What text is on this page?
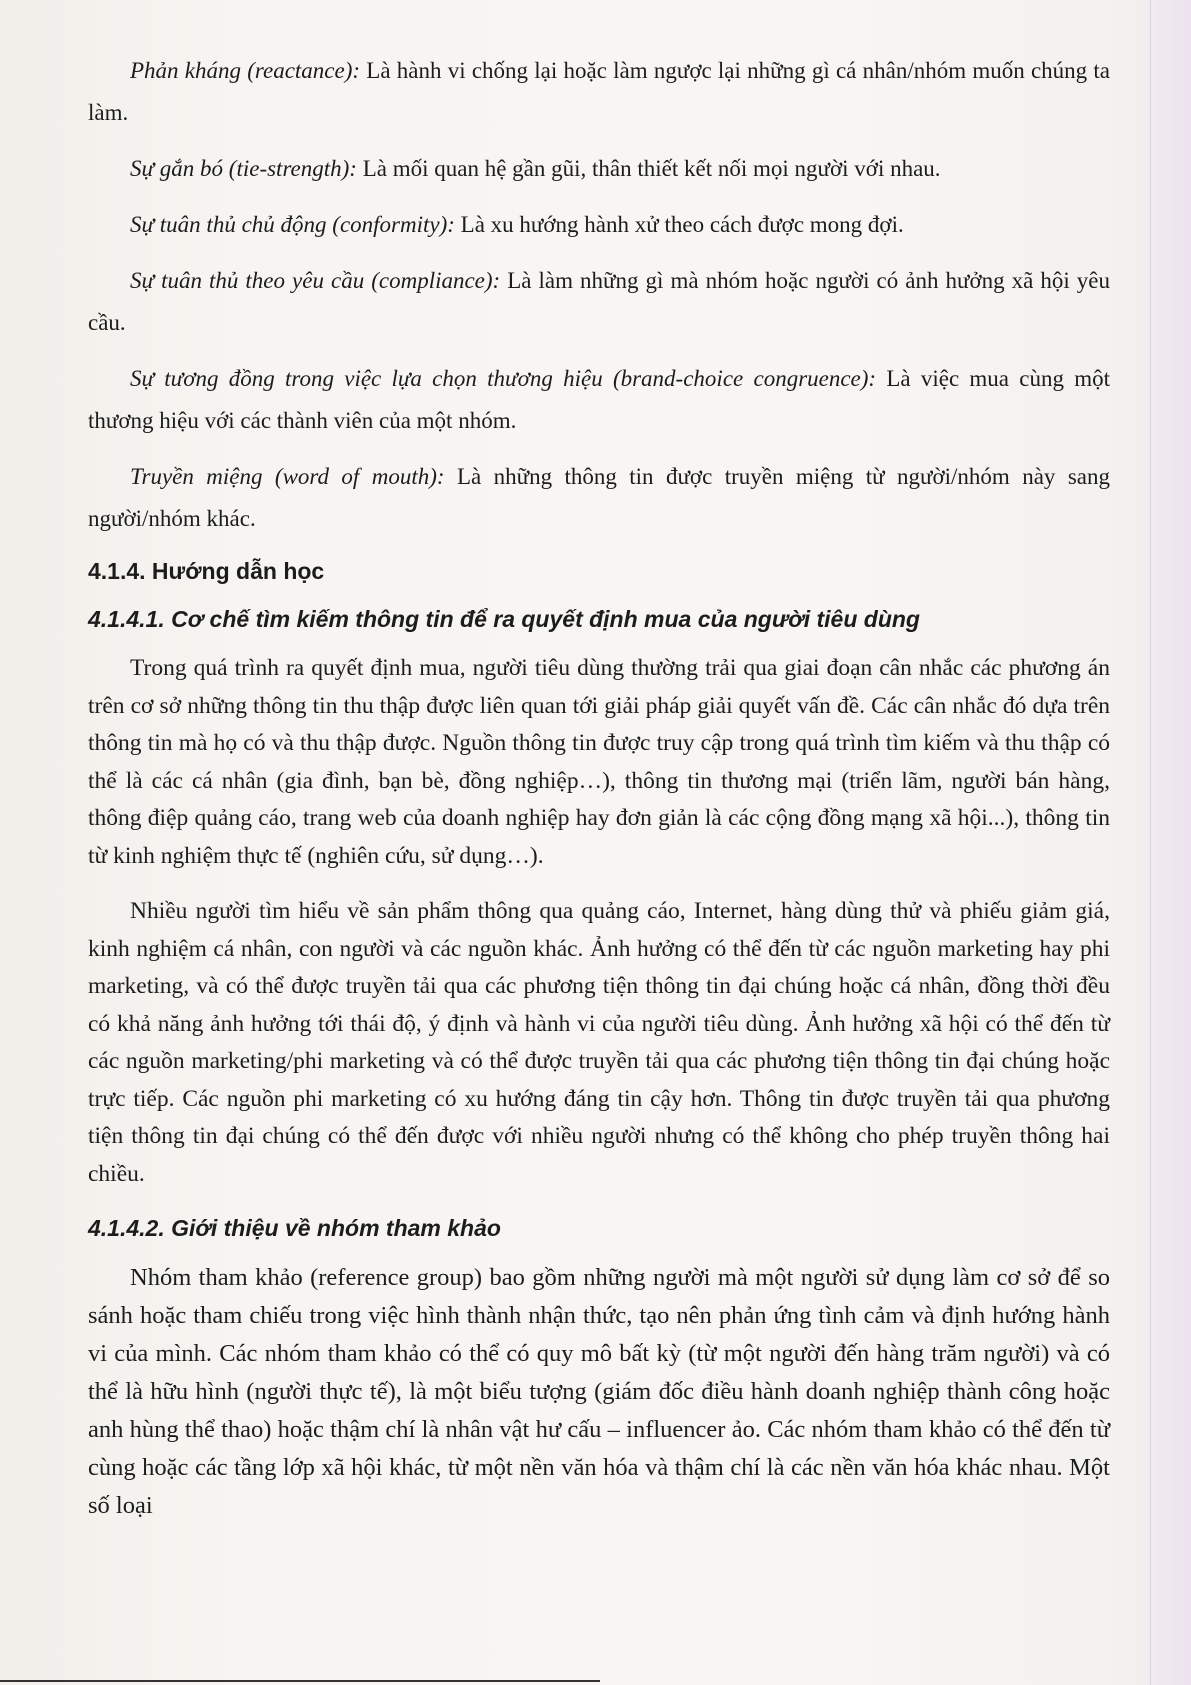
Phản kháng (reactance): Là hành vi chống lại hoặc làm ngược lại những gì cá nhân/nhóm muốn chúng ta làm.

Sự gắn bó (tie-strength): Là mối quan hệ gần gũi, thân thiết kết nối mọi người với nhau.

Sự tuân thủ chủ động (conformity): Là xu hướng hành xử theo cách được mong đợi.

Sự tuân thủ theo yêu cầu (compliance): Là làm những gì mà nhóm hoặc người có ảnh hưởng xã hội yêu cầu.

Sự tương đồng trong việc lựa chọn thương hiệu (brand-choice congruence): Là việc mua cùng một thương hiệu với các thành viên của một nhóm.

Truyền miệng (word of mouth): Là những thông tin được truyền miệng từ người/nhóm này sang người/nhóm khác.

4.1.4. Hướng dẫn học
4.1.4.1. Cơ chế tìm kiếm thông tin để ra quyết định mua của người tiêu dùng

Trong quá trình ra quyết định mua, người tiêu dùng thường trải qua giai đoạn cân nhắc các phương án trên cơ sở những thông tin thu thập được liên quan tới giải pháp giải quyết vấn đề. Các cân nhắc đó dựa trên thông tin mà họ có và thu thập được. Nguồn thông tin được truy cập trong quá trình tìm kiếm và thu thập có thể là các cá nhân (gia đình, bạn bè, đồng nghiệp…), thông tin thương mại (triển lãm, người bán hàng, thông điệp quảng cáo, trang web của doanh nghiệp hay đơn giản là các cộng đồng mạng xã hội...), thông tin từ kinh nghiệm thực tế (nghiên cứu, sử dụng…).

Nhiều người tìm hiểu về sản phẩm thông qua quảng cáo, Internet, hàng dùng thử và phiếu giảm giá, kinh nghiệm cá nhân, con người và các nguồn khác. Ảnh hưởng có thể đến từ các nguồn marketing hay phi marketing, và có thể được truyền tải qua các phương tiện thông tin đại chúng hoặc cá nhân, đồng thời đều có khả năng ảnh hưởng tới thái độ, ý định và hành vi của người tiêu dùng. Ảnh hưởng xã hội có thể đến từ các nguồn marketing/phi marketing và có thể được truyền tải qua các phương tiện thông tin đại chúng hoặc trực tiếp. Các nguồn phi marketing có xu hướng đáng tin cậy hơn. Thông tin được truyền tải qua phương tiện thông tin đại chúng có thể đến được với nhiều người nhưng có thể không cho phép truyền thông hai chiều.

4.1.4.2. Giới thiệu về nhóm tham khảo

Nhóm tham khảo (reference group) bao gồm những người mà một người sử dụng làm cơ sở để so sánh hoặc tham chiếu trong việc hình thành nhận thức, tạo nên phản ứng tình cảm và định hướng hành vi của mình. Các nhóm tham khảo có thể có quy mô bất kỳ (từ một người đến hàng trăm người) và có thể là hữu hình (người thực tế), là một biểu tượng (giám đốc điều hành doanh nghiệp thành công hoặc anh hùng thể thao) hoặc thậm chí là nhân vật hư cấu – influencer ảo. Các nhóm tham khảo có thể đến từ cùng hoặc các tầng lớp xã hội khác, từ một nền văn hóa và thậm chí là các nền văn hóa khác nhau. Một số loại
